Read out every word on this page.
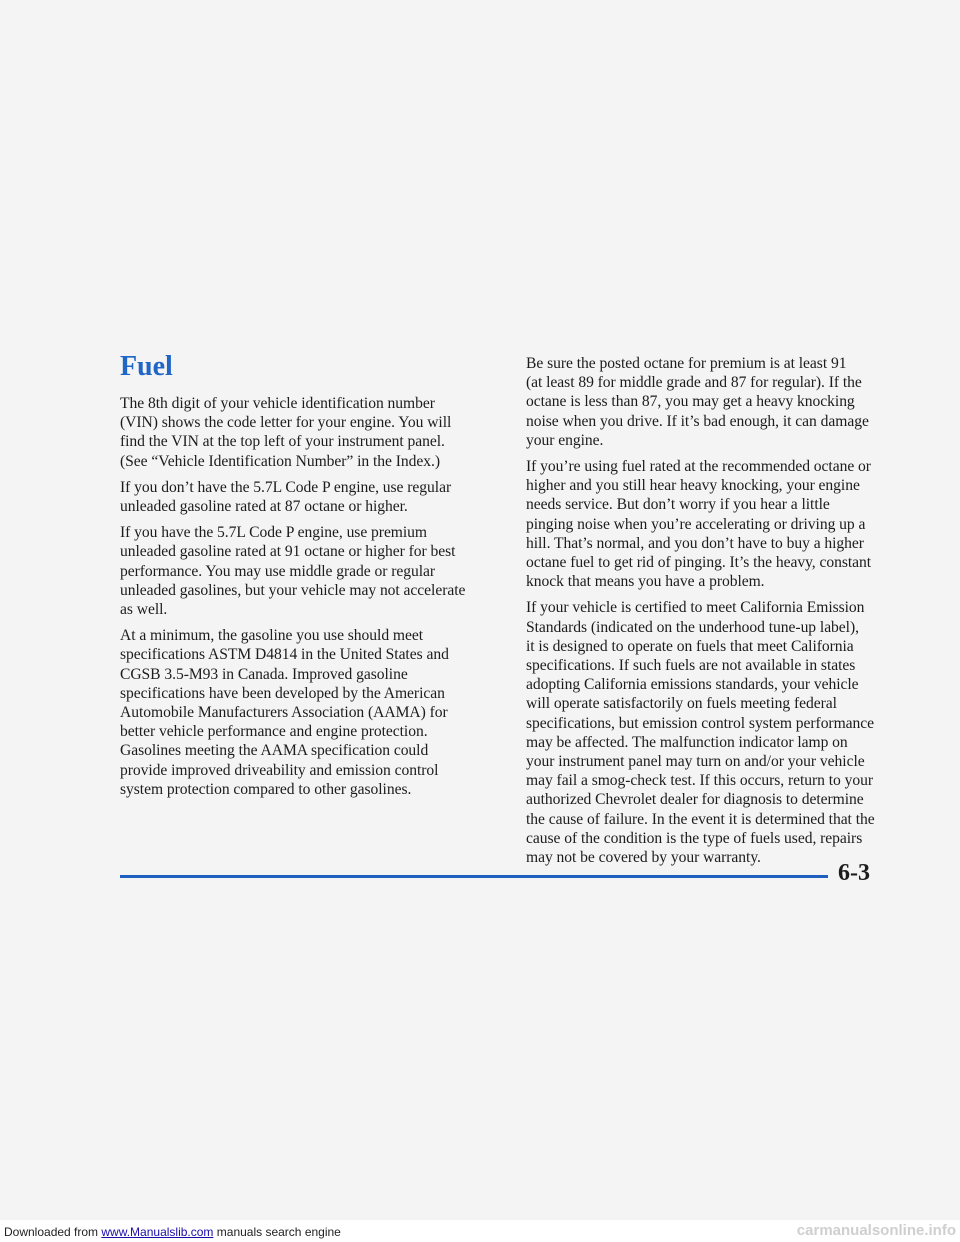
Fuel

The 8th digit of your vehicle identification number
(VIN) shows the code letter for your engine. You will
find the VIN at the top left of your instrument panel.
(See “Vehicle Identification Number” in the Index.)

If you don’t have the 5.7L Code P engine, use regular
unleaded gasoline rated at 87 octane or higher.

If you have the 5.7L Code P engine, use premium
unleaded gasoline rated at 91 octane or higher for best
performance. You may use middle grade or regular
unleaded gasolines, but your vehicle may not accelerate
as well.

At a minimum, the gasoline you use should meet
specifications ASTM D4814 in the United States and
CGSB 3.5-M93 in Canada. Improved gasoline
specifications have been developed by the American
Automobile Manufacturers Association (AAMA) for
better vehicle performance and engine protection.
Gasolines meeting the AAMA specification could
provide improved driveability and emission control
system protection compared to other gasolines.

Be sure the posted octane for premium is at least 91
(at least 89 for middle grade and 87 for regular). If the
octane is less than 87, you may get a heavy knocking
noise when you drive. If it’s bad enough, it can damage
your engine.

If you’re using fuel rated at the recommended octane or
higher and you still hear heavy knocking, your engine
needs service. But don’t worry if you hear a little
pinging noise when you’re accelerating or driving up a
hill. That’s normal, and you don’t have to buy a higher
octane fuel to get rid of pinging. It’s the heavy, constant
knock that means you have a problem.

If your vehicle is certified to meet California Emission
Standards (indicated on the underhood tune-up label),
it is designed to operate on fuels that meet California
specifications. If such fuels are not available in states
adopting California emissions standards, your vehicle
will operate satisfactorily on fuels meeting federal
specifications, but emission control system performance
may be affected. The malfunction indicator lamp on
your instrument panel may turn on and/or your vehicle
may fail a smog-check test. If this occurs, return to your
authorized Chevrolet dealer for diagnosis to determine
the cause of failure. In the event it is determined that the
cause of the condition is the type of fuels used, repairs
may not be covered by your warranty.

6-3
Downloaded from www.Manualslib.com manuals search engine	carmanualsonline.info
